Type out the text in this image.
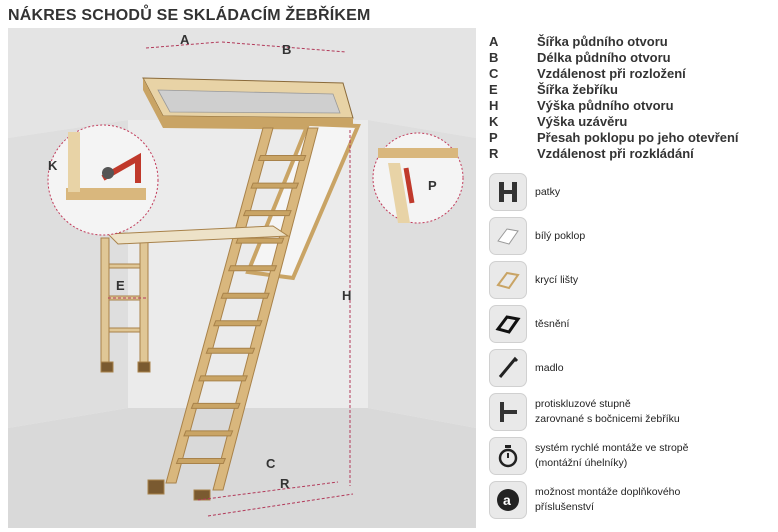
NÁKRES SCHODŮ SE SKLÁDACÍM ŽEBŘÍKEM
A
B
C
E
H
K
P
R
A	Šířka půdního otvoru
B	Délka půdního otvoru
C	Vzdálenost při rozložení
E	Šířka žebříku
H	Výška půdního otvoru
K	Výška uzávěru
P	Přesah poklopu po jeho otevření
R	Vzdálenost při rozkládání
patky
bílý poklop
krycí lišty
těsnění
madlo
protiskluzové stupně
zarovnané s bočnicemi žebříku
systém rychlé montáže ve stropě
(montážní úhelníky)
a možnost montáže doplňkového
příslušenství
